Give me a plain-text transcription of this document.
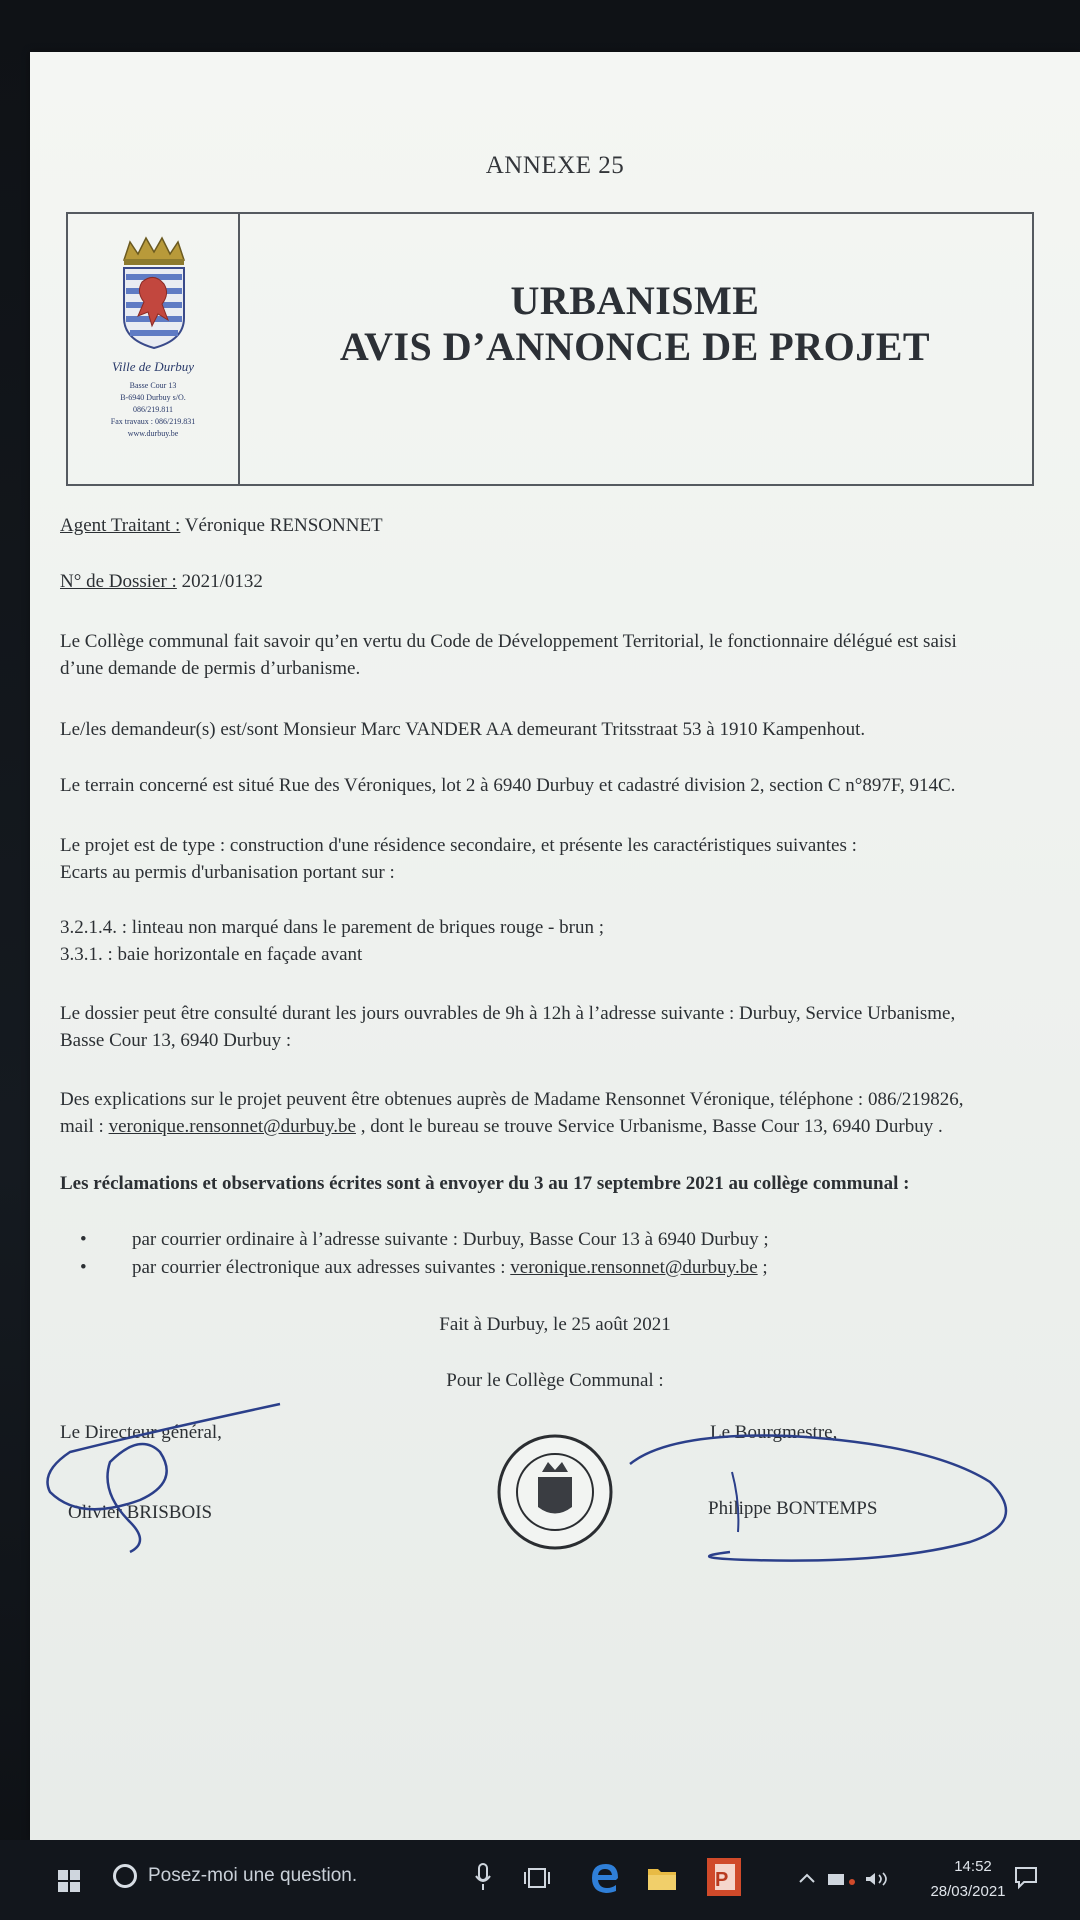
ANNEXE 25
Ville de Durbuy
Basse Cour 13
B-6940 Durbuy s/O.
086/219.811
Fax travaux : 086/219.831
www.durbuy.be
URBANISME
AVIS D’ANNONCE DE PROJET
Agent Traitant : Véronique RENSONNET
N° de Dossier : 2021/0132
Le Collège communal fait savoir qu’en vertu du Code de Développement Territorial, le fonctionnaire délégué est saisi
d’une demande de permis d’urbanisme.
Le/les demandeur(s) est/sont Monsieur Marc VANDER AA demeurant Tritsstraat 53 à 1910 Kampenhout.
Le terrain concerné est situé Rue des Véroniques, lot 2 à 6940 Durbuy et cadastré division 2, section C n°897F, 914C.
Le projet est de type : construction d'une résidence secondaire, et présente les caractéristiques suivantes :
Ecarts au permis d'urbanisation portant sur :
3.2.1.4. : linteau non marqué dans le parement de briques rouge - brun ;
3.3.1. : baie horizontale en façade avant
Le dossier peut être consulté durant les jours ouvrables de 9h à 12h à l’adresse suivante : Durbuy, Service Urbanisme,
Basse Cour 13, 6940 Durbuy :
Des explications sur le projet peuvent être obtenues auprès de Madame Rensonnet Véronique, téléphone : 086/219826,
mail : veronique.rensonnet@durbuy.be , dont le bureau se trouve Service Urbanisme, Basse Cour 13, 6940 Durbuy .
Les réclamations et observations écrites sont à envoyer du 3 au 17 septembre 2021 au collège communal :
• par courrier ordinaire à l’adresse suivante : Durbuy, Basse Cour 13 à 6940 Durbuy ;
• par courrier électronique aux adresses suivantes : veronique.rensonnet@durbuy.be ;
Fait à Durbuy, le 25 août 2021
Pour le Collège Communal :
Le Directeur général,
Olivier BRISBOIS
Le Bourgmestre,
Philippe BONTEMPS
Posez-moi une question.	P
14:52
28/03/2021
